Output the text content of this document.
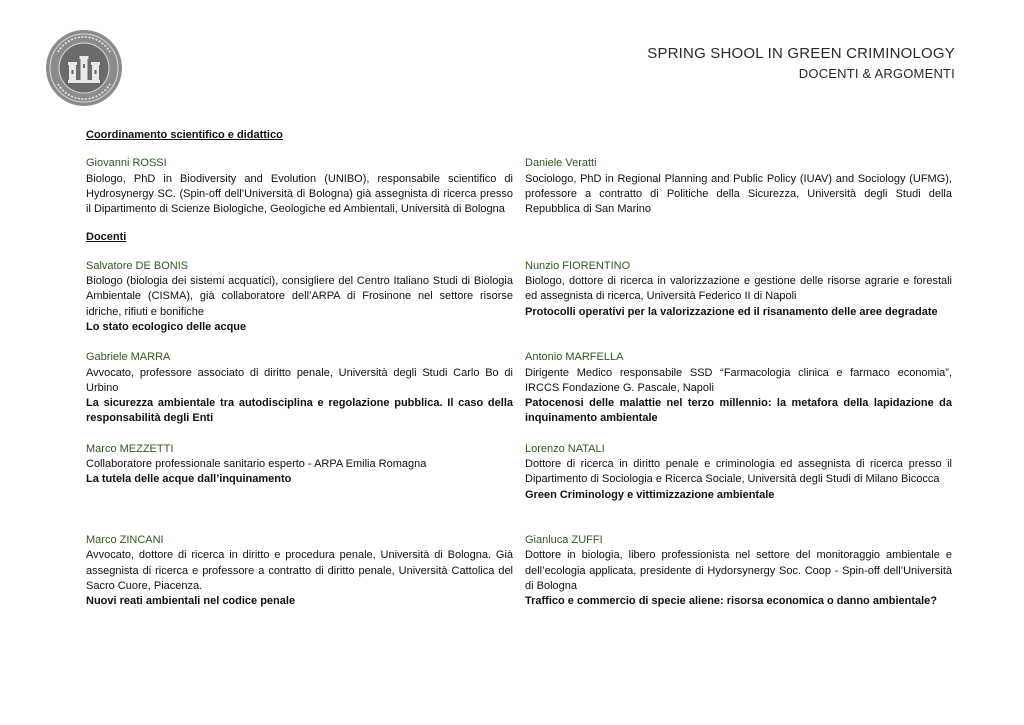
SPRING SHOOL IN GREEN CRIMINOLOGY
DOCENTI & ARGOMENTI

Coordinamento scientifico e didattico

Giovanni ROSSI

Biologo, PhD in Biodiversity and Evolution (UNIBO), responsabile scientifico di Hydrosynergy SC. (Spin-off dell’Università di Bologna) già assegnista di ricerca presso il Dipartimento di Scienze Biologiche, Geologiche ed Ambientali, Università di Bologna

Daniele Veratti

Sociologo, PhD in Regional Planning and Public Policy (IUAV) and Sociology (UFMG), professore a contratto di Politiche della Sicurezza, Università degli Studi della Repubblica di San Marino

Docenti

Salvatore DE BONIS

Biologo (biologia dei sistemi acquatici), consigliere del Centro Italiano Studi di Biologia Ambientale (CISMA), già collaboratore dell’ARPA di Frosinone nel settore risorse idriche, rifiuti e bonifiche

Lo stato ecologico delle acque

Nunzio FIORENTINO

Biologo, dottore di ricerca in valorizzazione e gestione delle risorse agrarie e forestali ed assegnista di ricerca, Università Federico II di Napoli

Protocolli operativi per la valorizzazione ed il risanamento delle aree degradate

Gabriele MARRA

Avvocato, professore associato di diritto penale, Università degli Studi Carlo Bo di Urbino

La sicurezza ambientale tra autodisciplina e regolazione pubblica. Il caso della responsabilità degli Enti

Antonio MARFELLA

Dirigente Medico responsabile SSD “Farmacologia clinica e farmaco economia”, IRCCS Fondazione G. Pascale, Napoli

Patocenosi delle malattie nel terzo millennio: la metafora della lapidazione da inquinamento ambientale

Marco MEZZETTI

Collaboratore professionale sanitario esperto - ARPA Emilia Romagna

La tutela delle acque dall’inquinamento

Lorenzo NATALI

Dottore di ricerca in diritto penale e criminologia ed assegnista di ricerca presso il Dipartimento di Sociologia e Ricerca Sociale, Università degli Studi di Milano Bicocca

Green Criminology e vittimizzazione ambientale

Marco ZINCANI

Avvocato, dottore di ricerca in diritto e procedura penale, Università di Bologna. Già assegnista di ricerca e professore a contratto di diritto penale, Università Cattolica del Sacro Cuore, Piacenza.

Nuovi reati ambientali nel codice penale

Gianluca ZUFFI

Dottore in biologia, libero professionista nel settore del monitoraggio ambientale e dell’ecologia applicata, presidente di Hydorsynergy Soc. Coop - Spin-off dell’Università di Bologna

Traffico e commercio di specie aliene: risorsa economica o danno ambientale?
